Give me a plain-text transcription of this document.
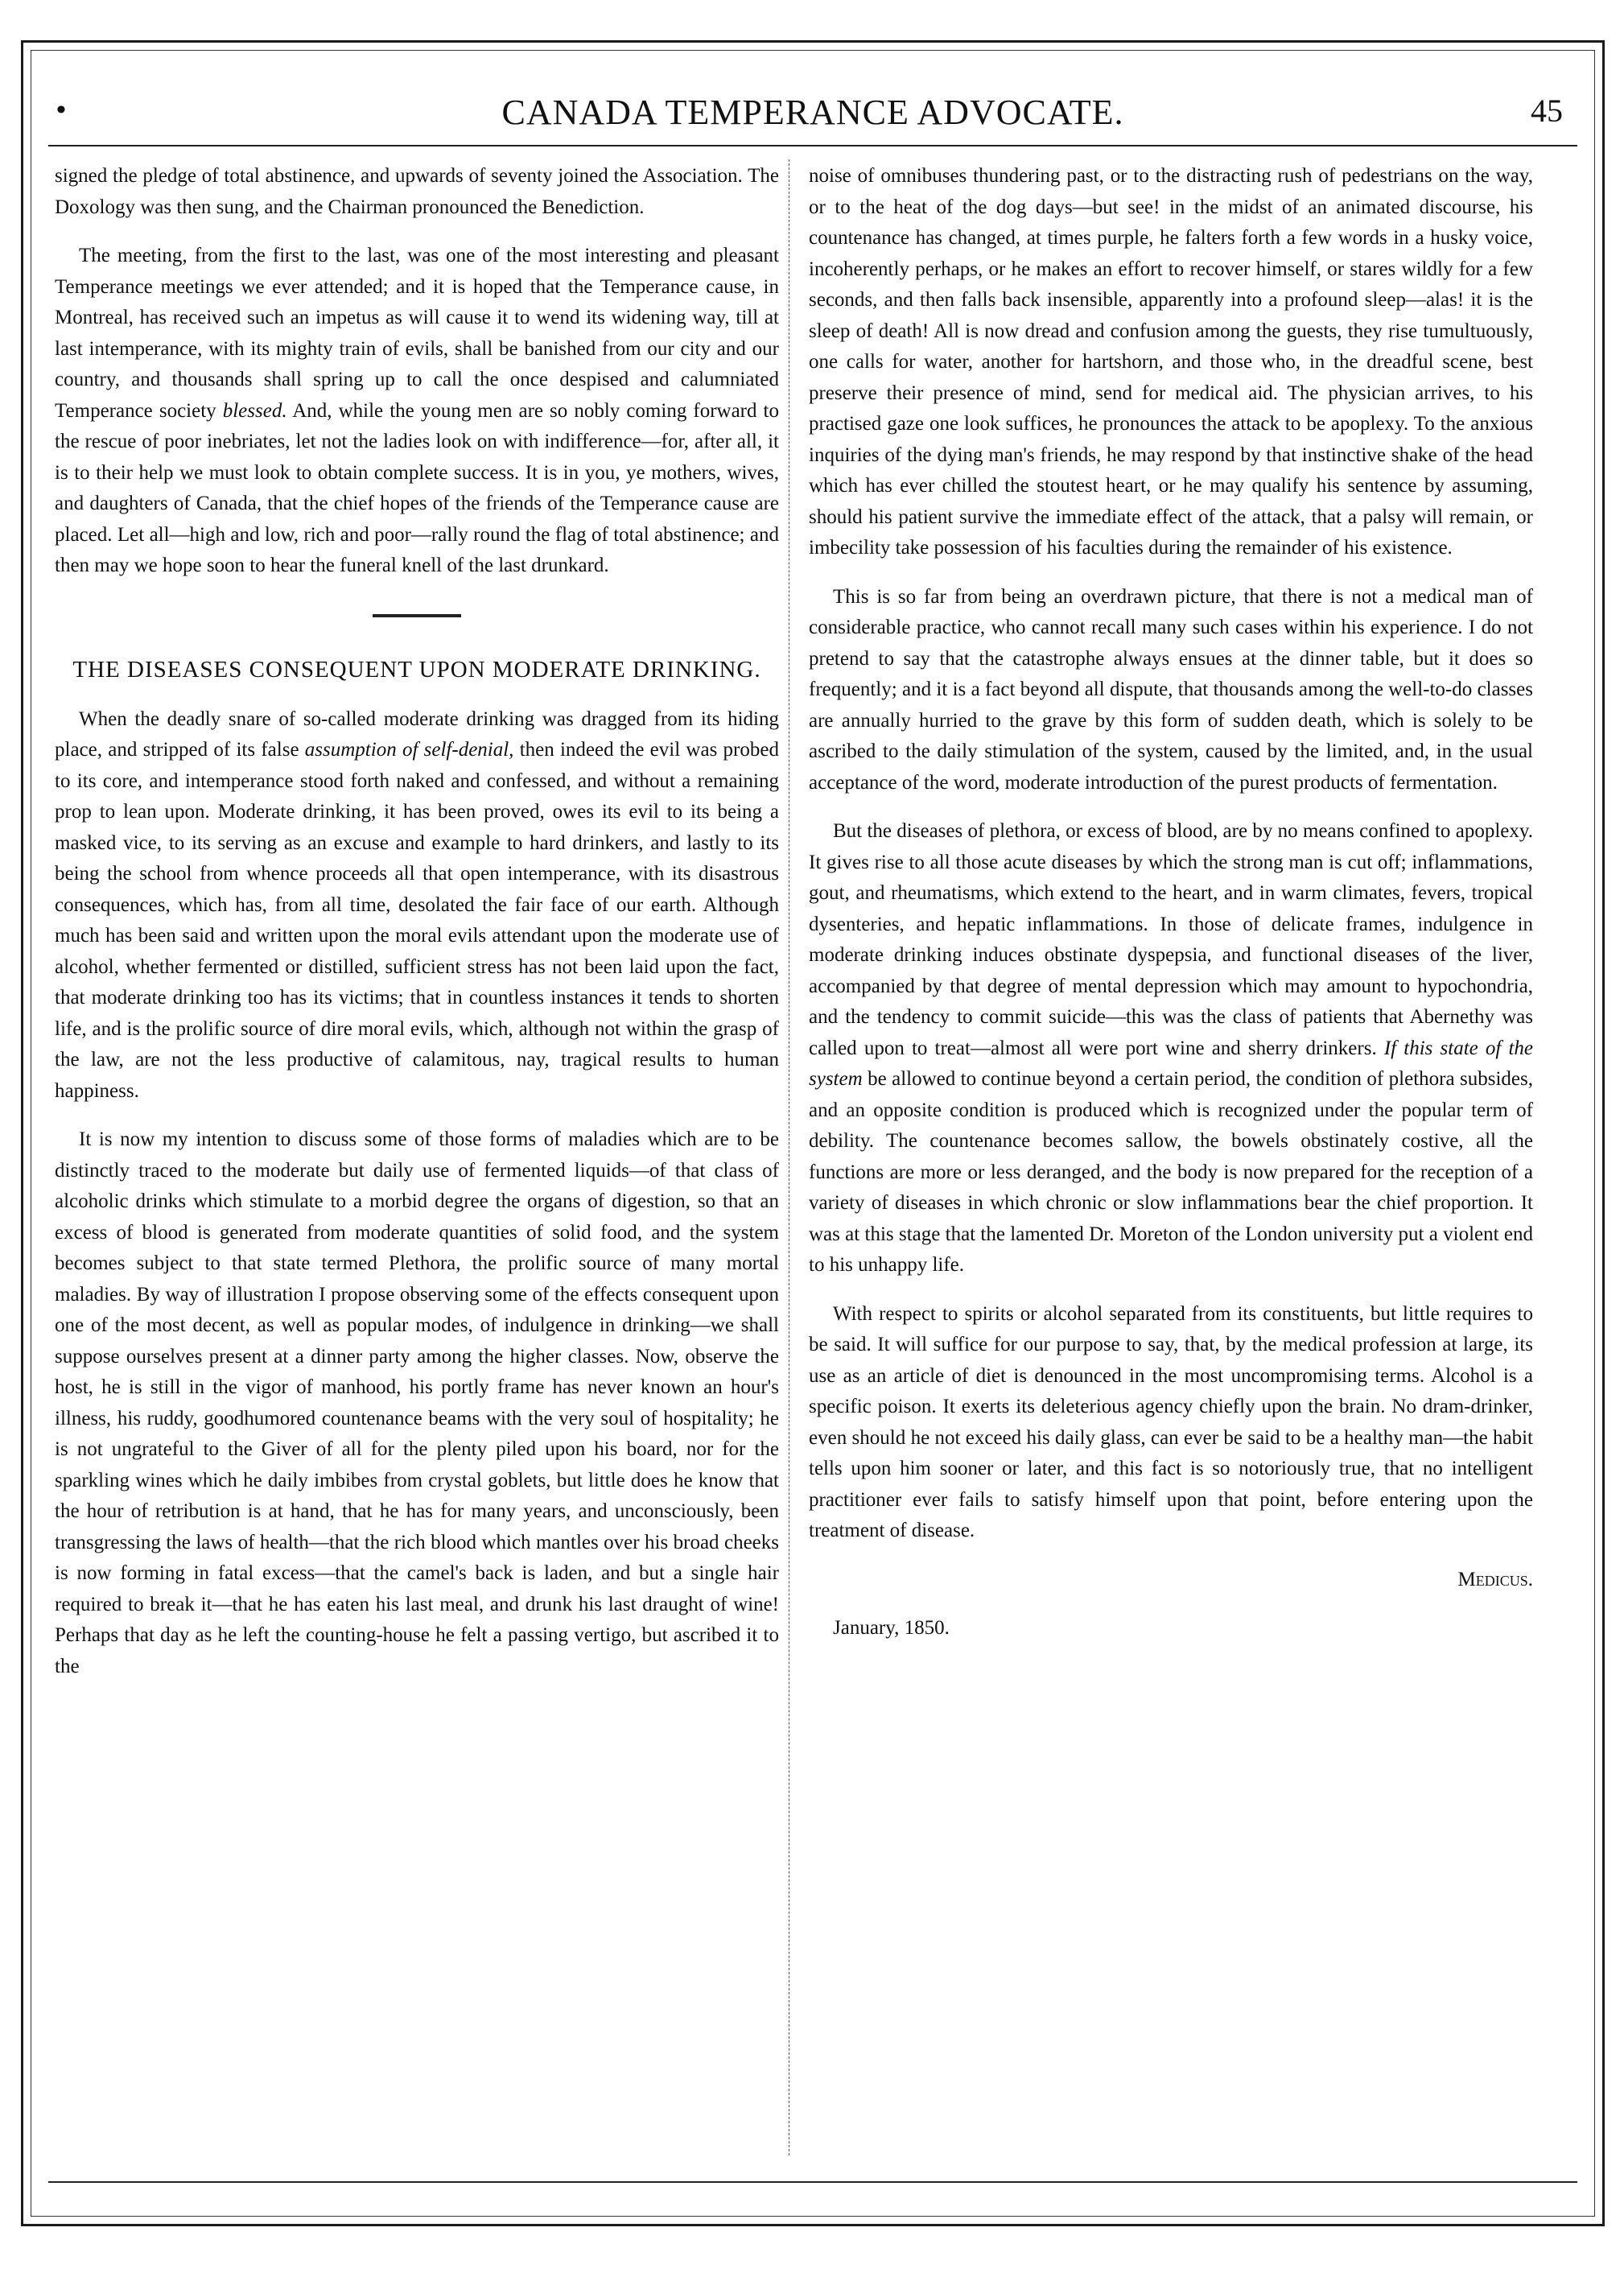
•	CANADA TEMPERANCE ADVOCATE.	45

signed the pledge of total abstinence, and upwards of seventy joined the Association. The Doxology was then sung, and the Chairman pronounced the Benediction.

The meeting, from the first to the last, was one of the most interesting and pleasant Temperance meetings we ever attended; and it is hoped that the Temperance cause, in Montreal, has received such an impetus as will cause it to wend its widening way, till at last intemperance, with its mighty train of evils, shall be banished from our city and our country, and thousands shall spring up to call the once despised and calumniated Temperance society blessed. And, while the young men are so nobly coming forward to the rescue of poor inebriates, let not the ladies look on with indifference—for, after all, it is to their help we must look to obtain complete success. It is in you, ye mothers, wives, and daughters of Canada, that the chief hopes of the friends of the Temperance cause are placed. Let all—high and low, rich and poor—rally round the flag of total abstinence; and then may we hope soon to hear the funeral knell of the last drunkard.

THE DISEASES CONSEQUENT UPON MODERATE DRINKING.

When the deadly snare of so-called moderate drinking was dragged from its hiding place, and stripped of its false assumption of self-denial, then indeed the evil was probed to its core, and intemperance stood forth naked and confessed, and without a remaining prop to lean upon. Moderate drinking, it has been proved, owes its evil to its being a masked vice, to its serving as an excuse and example to hard drinkers, and lastly to its being the school from whence proceeds all that open intemperance, with its disastrous consequences, which has, from all time, desolated the fair face of our earth. Although much has been said and written upon the moral evils attendant upon the moderate use of alcohol, whether fermented or distilled, sufficient stress has not been laid upon the fact, that moderate drinking too has its victims; that in countless instances it tends to shorten life, and is the prolific source of dire moral evils, which, although not within the grasp of the law, are not the less productive of calamitous, nay, tragical results to human happiness.

It is now my intention to discuss some of those forms of maladies which are to be distinctly traced to the moderate but daily use of fermented liquids—of that class of alcoholic drinks which stimulate to a morbid degree the organs of digestion, so that an excess of blood is generated from moderate quantities of solid food, and the system becomes subject to that state termed Plethora, the prolific source of many mortal maladies. By way of illustration I propose observing some of the effects consequent upon one of the most decent, as well as popular modes, of indulgence in drinking—we shall suppose ourselves present at a dinner party among the higher classes. Now, observe the host, he is still in the vigor of manhood, his portly frame has never known an hour's illness, his ruddy, goodhumored countenance beams with the very soul of hospitality; he is not ungrateful to the Giver of all for the plenty piled upon his board, nor for the sparkling wines which he daily imbibes from crystal goblets, but little does he know that the hour of retribution is at hand, that he has for many years, and unconsciously, been transgressing the laws of health—that the rich blood which mantles over his broad cheeks is now forming in fatal excess—that the camel's back is laden, and but a single hair required to break it—that he has eaten his last meal, and drunk his last draught of wine! Perhaps that day as he left the counting-house he felt a passing vertigo, but ascribed it to the

noise of omnibuses thundering past, or to the distracting rush of pedestrians on the way, or to the heat of the dog days—but see! in the midst of an animated discourse, his countenance has changed, at times purple, he falters forth a few words in a husky voice, incoherently perhaps, or he makes an effort to recover himself, or stares wildly for a few seconds, and then falls back insensible, apparently into a profound sleep—alas! it is the sleep of death! All is now dread and confusion among the guests, they rise tumultuously, one calls for water, another for hartshorn, and those who, in the dreadful scene, best preserve their presence of mind, send for medical aid. The physician arrives, to his practised gaze one look suffices, he pronounces the attack to be apoplexy. To the anxious inquiries of the dying man's friends, he may respond by that instinctive shake of the head which has ever chilled the stoutest heart, or he may qualify his sentence by assuming, should his patient survive the immediate effect of the attack, that a palsy will remain, or imbecility take possession of his faculties during the remainder of his existence.

This is so far from being an overdrawn picture, that there is not a medical man of considerable practice, who cannot recall many such cases within his experience. I do not pretend to say that the catastrophe always ensues at the dinner table, but it does so frequently; and it is a fact beyond all dispute, that thousands among the well-to-do classes are annually hurried to the grave by this form of sudden death, which is solely to be ascribed to the daily stimulation of the system, caused by the limited, and, in the usual acceptance of the word, moderate introduction of the purest products of fermentation.

But the diseases of plethora, or excess of blood, are by no means confined to apoplexy. It gives rise to all those acute diseases by which the strong man is cut off; inflammations, gout, and rheumatisms, which extend to the heart, and in warm climates, fevers, tropical dysenteries, and hepatic inflammations. In those of delicate frames, indulgence in moderate drinking induces obstinate dyspepsia, and functional diseases of the liver, accompanied by that degree of mental depression which may amount to hypochondria, and the tendency to commit suicide—this was the class of patients that Abernethy was called upon to treat—almost all were port wine and sherry drinkers. If this state of the system be allowed to continue beyond a certain period, the condition of plethora subsides, and an opposite condition is produced which is recognized under the popular term of debility. The countenance becomes sallow, the bowels obstinately costive, all the functions are more or less deranged, and the body is now prepared for the reception of a variety of diseases in which chronic or slow inflammations bear the chief proportion. It was at this stage that the lamented Dr. Moreton of the London university put a violent end to his unhappy life.

With respect to spirits or alcohol separated from its constituents, but little requires to be said. It will suffice for our purpose to say, that, by the medical profession at large, its use as an article of diet is denounced in the most uncompromising terms. Alcohol is a specific poison. It exerts its deleterious agency chiefly upon the brain. No dram-drinker, even should he not exceed his daily glass, can ever be said to be a healthy man—the habit tells upon him sooner or later, and this fact is so notoriously true, that no intelligent practitioner ever fails to satisfy himself upon that point, before entering upon the treatment of disease.

Medicus.

January, 1850.
